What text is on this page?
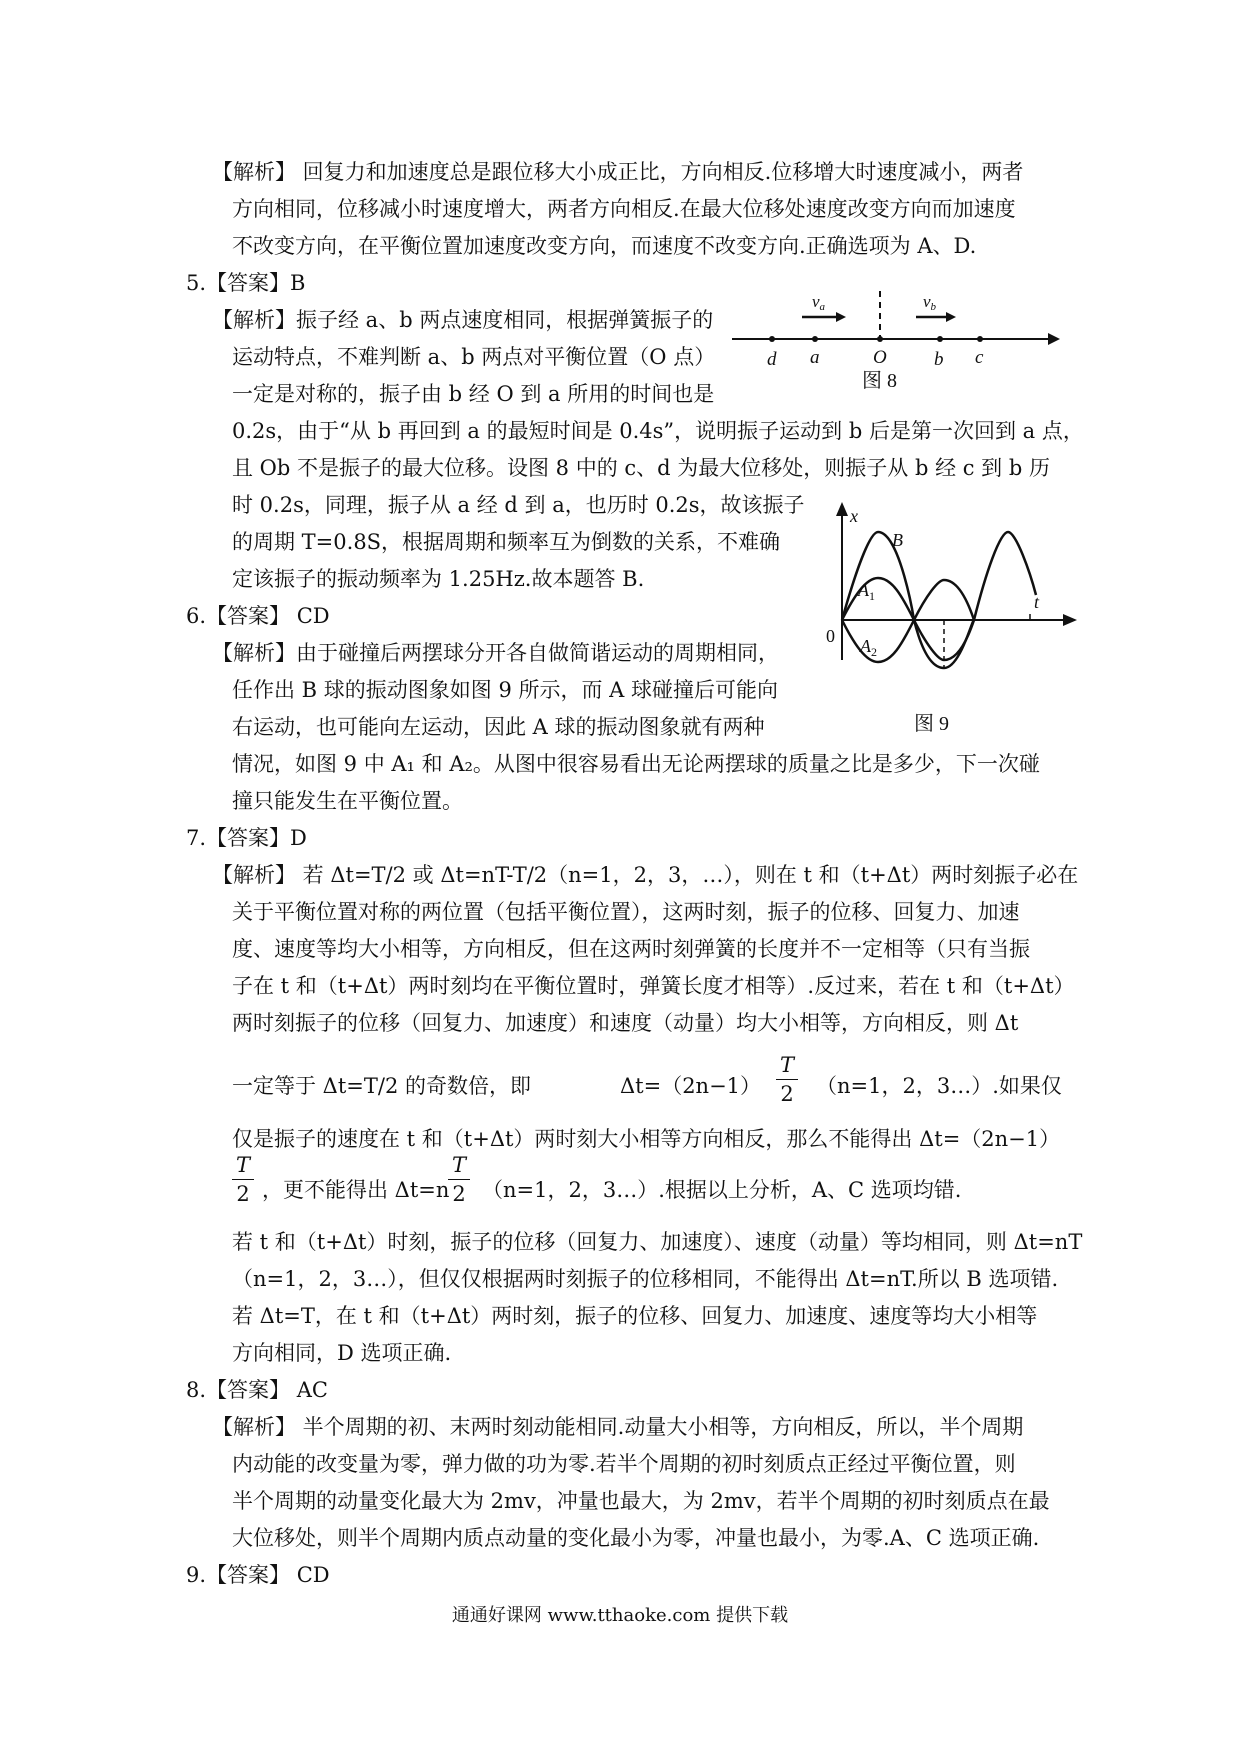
【解析】 回复力和加速度总是跟位移大小成正比，方向相反.位移增大时速度减小，两者
方向相同，位移减小时速度增大，两者方向相反.在最大位移处速度改变方向而加速度
不改变方向，在平衡位置加速度改变方向，而速度不改变方向.正确选项为 A、D.
5.【答案】B
【解析】振子经 a、b 两点速度相同，根据弹簧振子的
运动特点，不难判断 a、b 两点对平衡位置（O 点）
一定是对称的，振子由 b 经 O 到 a 所用的时间也是
0.2s，由于“从 b 再回到 a 的最短时间是 0.4s”，说明振子运动到 b 后是第一次回到 a 点，
且 Ob 不是振子的最大位移。设图 8 中的 c、d 为最大位移处，则振子从 b 经 c 到 b 历
时 0.2s，同理，振子从 a 经 d 到 a，也历时 0.2s，故该振子
的周期 T=0.8S，根据周期和频率互为倒数的关系，不难确
定该振子的振动频率为 1.25Hz.故本题答 B.
6.【答案】 CD
【解析】由于碰撞后两摆球分开各自做简谐运动的周期相同，
任作出 B 球的振动图象如图 9 所示，而 A 球碰撞后可能向
右运动，也可能向左运动，因此 A 球的振动图象就有两种
情况，如图 9 中 A₁ 和 A₂。从图中很容易看出无论两摆球的质量之比是多少，下一次碰
撞只能发生在平衡位置。
7.【答案】D
【解析】 若 Δt=T/2 或 Δt=nT-T/2（n=1，2，3，…），则在 t 和（t+Δt）两时刻振子必在
关于平衡位置对称的两位置（包括平衡位置），这两时刻，振子的位移、回复力、加速
度、速度等均大小相等，方向相反，但在这两时刻弹簧的长度并不一定相等（只有当振
子在 t 和（t+Δt）两时刻均在平衡位置时，弹簧长度才相等）.反过来，若在 t 和（t+Δt）
两时刻振子的位移（回复力、加速度）和速度（动量）均大小相等，方向相反，则 Δt
一定等于 Δt=T/2 的奇数倍，即	Δt=（2n−1）	（n=1，2，3…）.如果仅
仅是振子的速度在 t 和（t+Δt）两时刻大小相等方向相反，那么不能得出 Δt=（2n−1）
，更不能得出 Δt=n （n=1，2，3…）.根据以上分析，A、C 选项均错.
若 t 和（t+Δt）时刻，振子的位移（回复力、加速度）、速度（动量）等均相同，则 Δt=nT
（n=1，2，3…），但仅仅根据两时刻振子的位移相同，不能得出 Δt=nT.所以 B 选项错.
若 Δt=T，在 t 和（t+Δt）两时刻，振子的位移、回复力、加速度、速度等均大小相等
方向相同，D 选项正确.
8.【答案】 AC
【解析】 半个周期的初、末两时刻动能相同.动量大小相等，方向相反，所以，半个周期
内动能的改变量为零，弹力做的功为零.若半个周期的初时刻质点正经过平衡位置，则
半个周期的动量变化最大为 2mv，冲量也最大，为 2mv，若半个周期的初时刻质点在最
大位移处，则半个周期内质点动量的变化最小为零，冲量也最小，为零.A、C 选项正确.
9.【答案】 CD
T
2
T
2
T
2
va	vb
d a	O b c
图 8
x
t
0
B
$A_1$
$A_2$
图 9
通通好课网 www.tthaoke.com 提供下载
